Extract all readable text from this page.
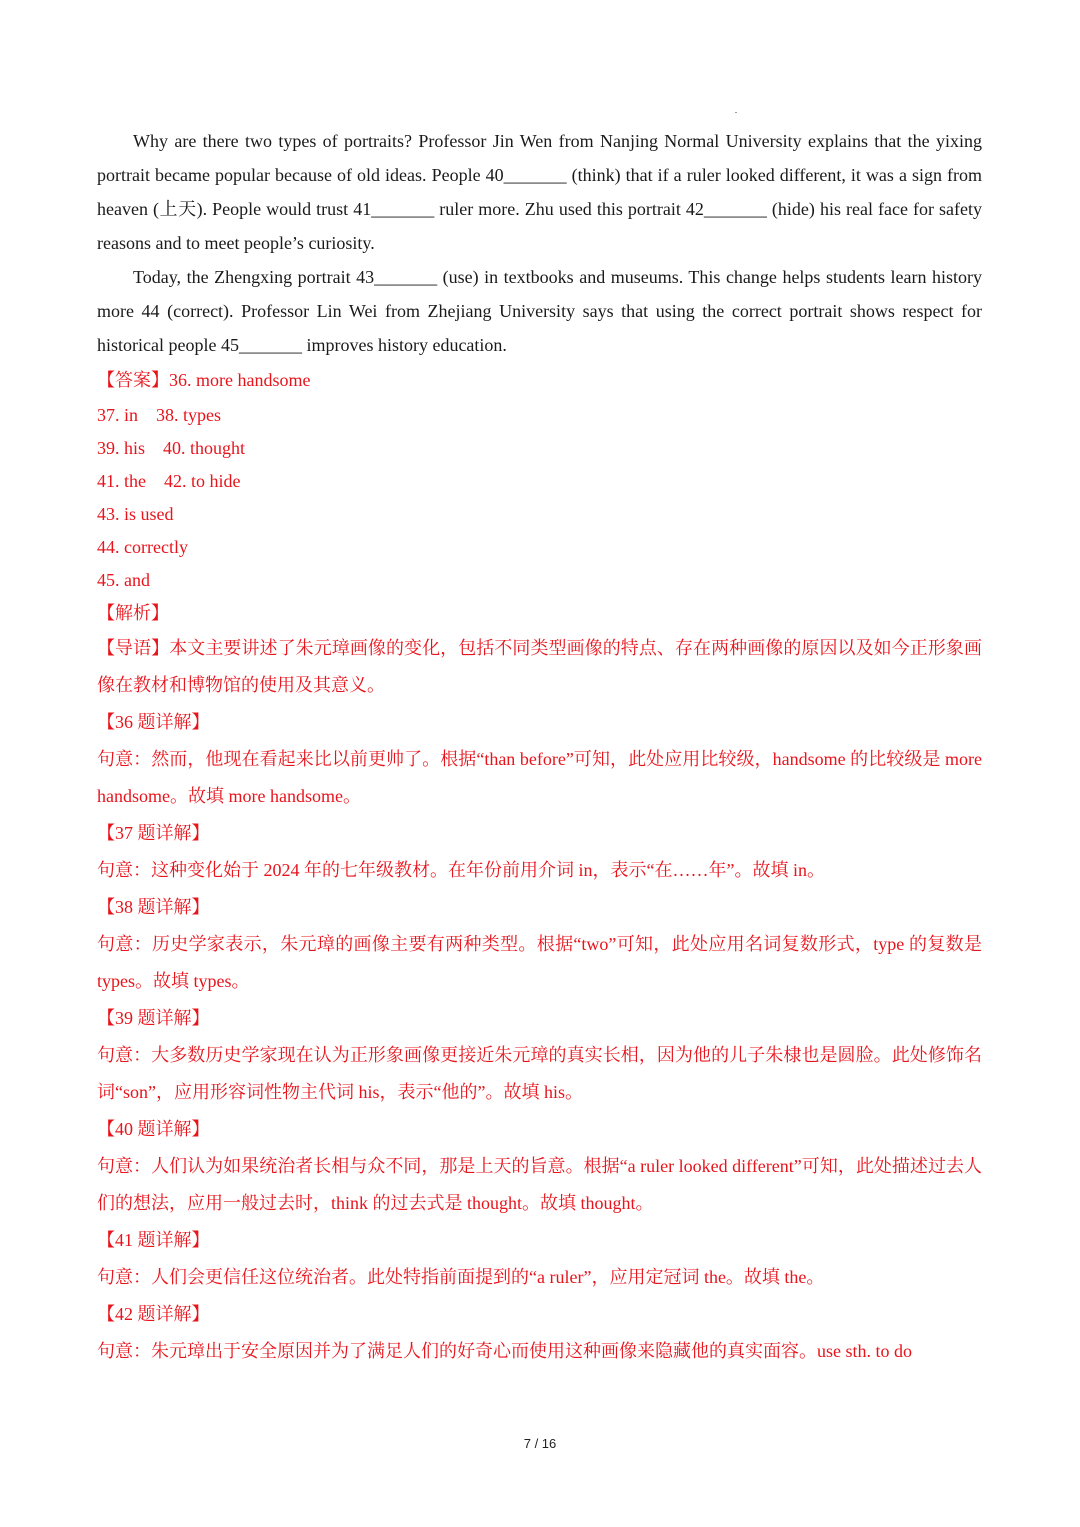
Why are there two types of portraits? Professor Jin Wen from Nanjing Normal University explains that the yixing portrait became popular because of old ideas. People 40_______ (think) that if a ruler looked different, it was a sign from heaven (上天). People would trust 41_______ ruler more. Zhu used this portrait 42_______ (hide) his real face for safety reasons and to meet people’s curiosity.

Today, the Zhengxing portrait 43_______ (use) in textbooks and museums. This change helps students learn history more 44 (correct). Professor Lin Wei from Zhejiang University says that using the correct portrait shows respect for historical people 45_______ improves history education.

【答案】36. more handsome

37. in    38. types

39. his    40. thought

41. the    42. to hide

43. is used

44. correctly

45. and

【解析】

【导语】本文主要讲述了朱元璋画像的变化，包括不同类型画像的特点、存在两种画像的原因以及如今正形象画像在教材和博物馆的使用及其意义。

【36 题详解】

句意：然而，他现在看起来比以前更帅了。根据“than before”可知，此处应用比较级，handsome 的比较级是 more handsome。故填 more handsome。

【37 题详解】

句意：这种变化始于 2024 年的七年级教材。在年份前用介词 in，表示“在……年”。故填 in。

【38 题详解】

句意：历史学家表示，朱元璋的画像主要有两种类型。根据“two”可知，此处应用名词复数形式，type 的复数是 types。故填 types。

【39 题详解】

句意：大多数历史学家现在认为正形象画像更接近朱元璋的真实长相，因为他的儿子朱棣也是圆脸。此处修饰名词“son”，应用形容词性物主代词 his，表示“他的”。故填 his。

【40 题详解】

句意：人们认为如果统治者长相与众不同，那是上天的旨意。根据“a ruler looked different”可知，此处描述过去人们的想法，应用一般过去时，think 的过去式是 thought。故填 thought。

【41 题详解】

句意：人们会更信任这位统治者。此处特指前面提到的“a ruler”，应用定冠词 the。故填 the。

【42 题详解】

句意：朱元璋出于安全原因并为了满足人们的好奇心而使用这种画像来隐藏他的真实面容。use sth. to do

7 / 16
